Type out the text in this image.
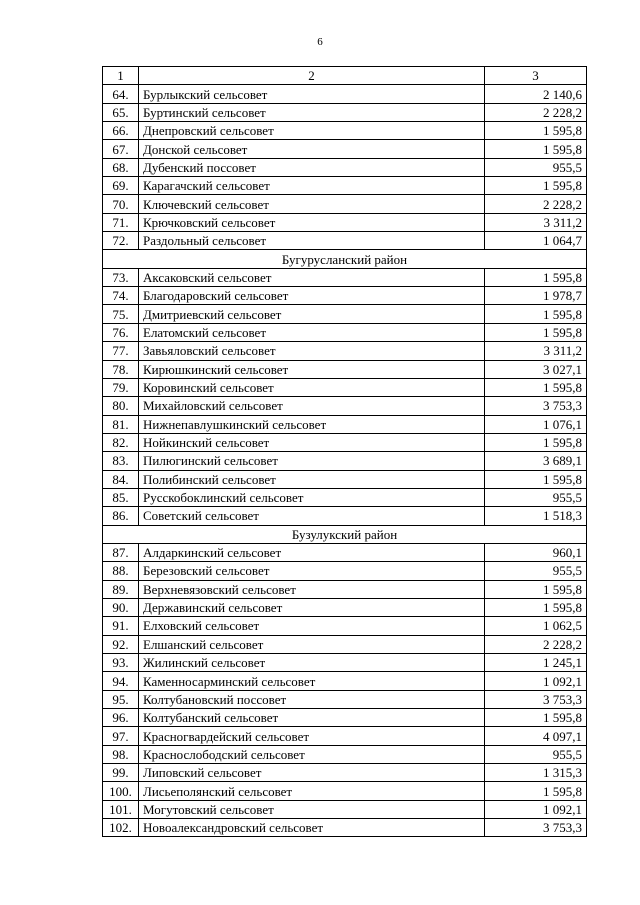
6
1	2	3
64.	Бурлыкский сельсовет	2 140,6
65.	Буртинский сельсовет	2 228,2
66.	Днепровский сельсовет	1 595,8
67.	Донской сельсовет	1 595,8
68.	Дубенский поссовет	955,5
69.	Карагачский сельсовет	1 595,8
70.	Ключевский сельсовет	2 228,2
71.	Крючковский сельсовет	3 311,2
72.	Раздольный сельсовет	1 064,7
Бугурусланский район		
73.	Аксаковский сельсовет	1 595,8
74.	Благодаровский сельсовет	1 978,7
75.	Дмитриевский сельсовет	1 595,8
76.	Елатомский сельсовет	1 595,8
77.	Завьяловский сельсовет	3 311,2
78.	Кирюшкинский сельсовет	3 027,1
79.	Коровинский сельсовет	1 595,8
80.	Михайловский сельсовет	3 753,3
81.	Нижнепавлушкинский сельсовет	1 076,1
82.	Нойкинский сельсовет	1 595,8
83.	Пилюгинский сельсовет	3 689,1
84.	Полибинский сельсовет	1 595,8
85.	Русскобоклинский сельсовет	955,5
86.	Советский сельсовет	1 518,3
Бузулукский район		
87.	Алдаркинский сельсовет	960,1
88.	Березовский сельсовет	955,5
89.	Верхневязовский сельсовет	1 595,8
90.	Державинский сельсовет	1 595,8
91.	Елховский сельсовет	1 062,5
92.	Елшанский сельсовет	2 228,2
93.	Жилинский сельсовет	1 245,1
94.	Каменносарминский сельсовет	1 092,1
95.	Колтубановский поссовет	3 753,3
96.	Колтубанский сельсовет	1 595,8
97.	Красногвардейский сельсовет	4 097,1
98.	Краснослободский сельсовет	955,5
99.	Липовский сельсовет	1 315,3
100.	Лисьеполянский сельсовет	1 595,8
101.	Могутовский сельсовет	1 092,1
102.	Новоалександровский сельсовет	3 753,3
